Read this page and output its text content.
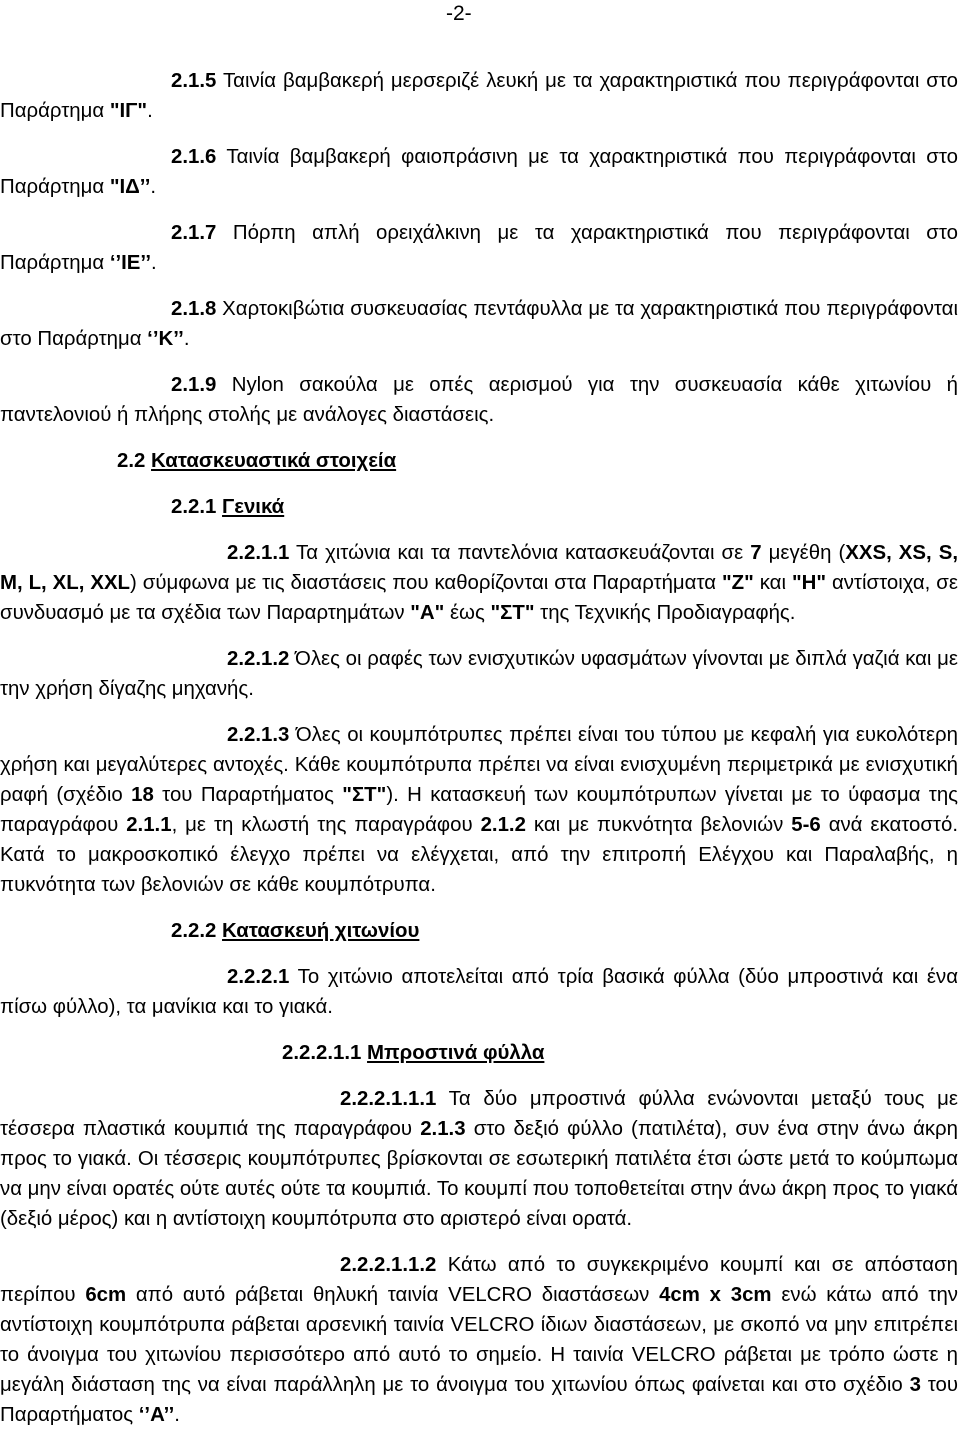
-2-

2.1.5 Ταινία βαμβακερή μερσεριζέ λευκή με τα χαρακτηριστικά που περιγράφονται στο Παράρτημα "ΙΓ".

2.1.6 Ταινία βαμβακερή φαιοπράσινη με τα χαρακτηριστικά που περιγράφονται στο Παράρτημα "ΙΔ’’.

2.1.7 Πόρπη απλή ορειχάλκινη με τα χαρακτηριστικά που περιγράφονται στο Παράρτημα ‘’ΙΕ’’.

2.1.8 Χαρτοκιβώτια συσκευασίας πεντάφυλλα με τα χαρακτηριστικά που περιγράφονται στο Παράρτημα ‘’Κ’’.

2.1.9 Nylon σακούλα με οπές αερισμού για την συσκευασία κάθε χιτωνίου ή παντελονιού ή πλήρης στολής με ανάλογες διαστάσεις.

2.2 Κατασκευαστικά στοιχεία
2.2.1 Γενικά

2.2.1.1 Τα χιτώνια και τα παντελόνια κατασκευάζονται σε 7 μεγέθη (XXS, XS, S, M, L, XL, XXL) σύμφωνα με τις διαστάσεις που καθορίζονται στα Παραρτήματα "Ζ" και "Η" αντίστοιχα, σε συνδυασμό με τα σχέδια των Παραρτημάτων "Α" έως "ΣΤ" της Τεχνικής Προδιαγραφής.

2.2.1.2 Όλες οι ραφές των ενισχυτικών υφασμάτων γίνονται με διπλά γαζιά και με την χρήση δίγαζης μηχανής.

2.2.1.3 Όλες οι κουμπότρυπες πρέπει είναι του τύπου με κεφαλή για ευκολότερη χρήση και μεγαλύτερες αντοχές. Κάθε κουμπότρυπα πρέπει να είναι ενισχυμένη περιμετρικά με ενισχυτική ραφή (σχέδιο 18 του Παραρτήματος "ΣΤ"). Η κατασκευή των κουμπότρυπων γίνεται με το ύφασμα της παραγράφου 2.1.1, με τη κλωστή της παραγράφου 2.1.2 και με πυκνότητα βελονιών 5-6 ανά εκατοστό. Κατά το μακροσκοπικό έλεγχο πρέπει να ελέγχεται, από την επιτροπή Ελέγχου και Παραλαβής, η πυκνότητα των βελονιών σε κάθε κουμπότρυπα.

2.2.2 Κατασκευή χιτωνίου

2.2.2.1 Το χιτώνιο αποτελείται από τρία βασικά φύλλα (δύο μπροστινά και ένα πίσω φύλλο), τα μανίκια και το γιακά.

2.2.2.1.1 Μπροστινά φύλλα

2.2.2.1.1.1 Τα δύο μπροστινά φύλλα ενώνονται μεταξύ τους με τέσσερα πλαστικά κουμπιά της παραγράφου 2.1.3 στο δεξιό φύλλο (πατιλέτα), συν ένα στην άνω άκρη προς το γιακά. Οι τέσσερις κουμπότρυπες βρίσκονται σε εσωτερική πατιλέτα έτσι ώστε μετά το κούμπωμα να μην είναι ορατές ούτε αυτές ούτε τα κουμπιά. Το κουμπί που τοποθετείται στην άνω άκρη προς το γιακά (δεξιό μέρος) και η αντίστοιχη κουμπότρυπα στο αριστερό είναι ορατά.

2.2.2.1.1.2 Κάτω από το συγκεκριμένο κουμπί και σε απόσταση περίπου 6cm από αυτό ράβεται θηλυκή ταινία VELCRO διαστάσεων 4cm x 3cm ενώ κάτω από την αντίστοιχη κουμπότρυπα ράβεται αρσενική ταινία VELCRO ίδιων διαστάσεων, με σκοπό να μην επιτρέπει το άνοιγμα του χιτωνίου περισσότερο από αυτό το σημείο. Η ταινία VELCRO ράβεται με τρόπο ώστε η μεγάλη διάσταση της να είναι παράλληλη με το άνοιγμα του χιτωνίου όπως φαίνεται και στο σχέδιο 3 του Παραρτήματος ‘’Α’’.
